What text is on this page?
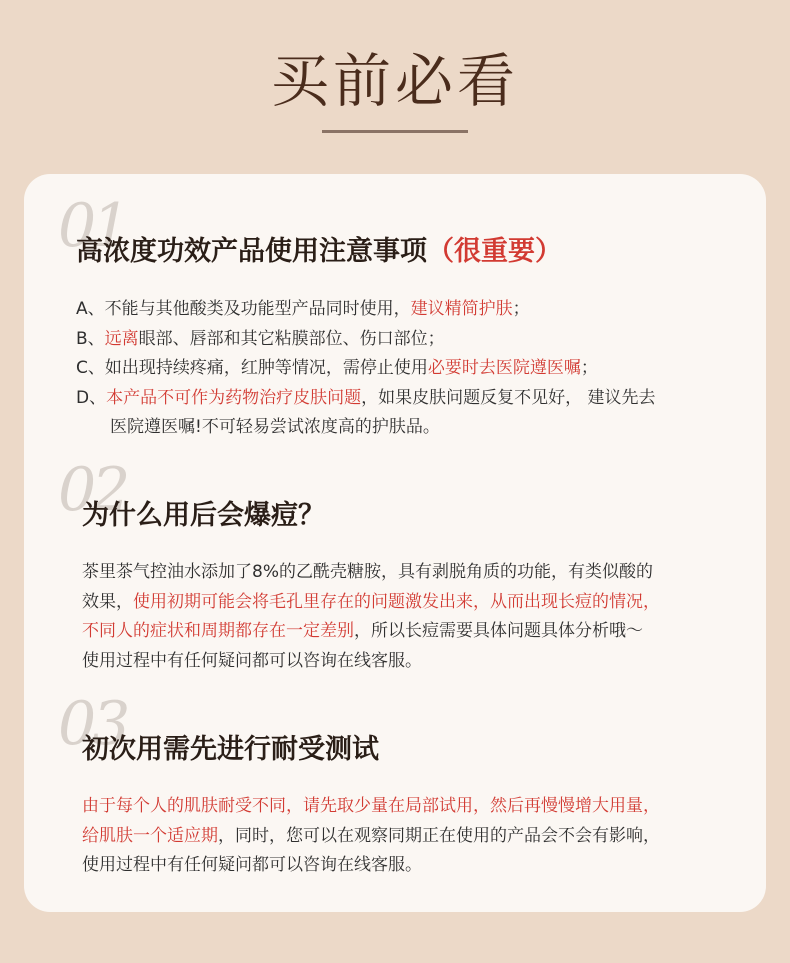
买前必看
01
高浓度功效产品使用注意事项（很重要）
A、 不能与其他酸类及功能型产品同时使用，建议精简护肤；
B、 远离眼部、唇部和其它粘膜部位、伤口部位；
C、 如出现持续疼痛，红肿等情况，需停止使用必要时去医院遵医嘱；
D、 本产品不可作为药物治疗皮肤问题，如果皮肤问题反复不见好， 建议先去
医院遵医嘱!不可轻易尝试浓度高的护肤品。
02
为什么用后会爆痘？
茶里茶气控油水添加了8%的乙酰壳糖胺，具有剥脱角质的功能，有类似酸的
效果，使用初期可能会将毛孔里存在的问题激发出来，从而出现长痘的情况，
不同人的症状和周期都存在一定差别，所以长痘需要具体问题具体分析哦～
使用过程中有任何疑问都可以咨询在线客服。
03
初次用需先进行耐受测试
由于每个人的肌肤耐受不同，请先取少量在局部试用，然后再慢慢增大用量，
给肌肤一个适应期，同时，您可以在观察同期正在使用的产品会不会有影响，
使用过程中有任何疑问都可以咨询在线客服。
